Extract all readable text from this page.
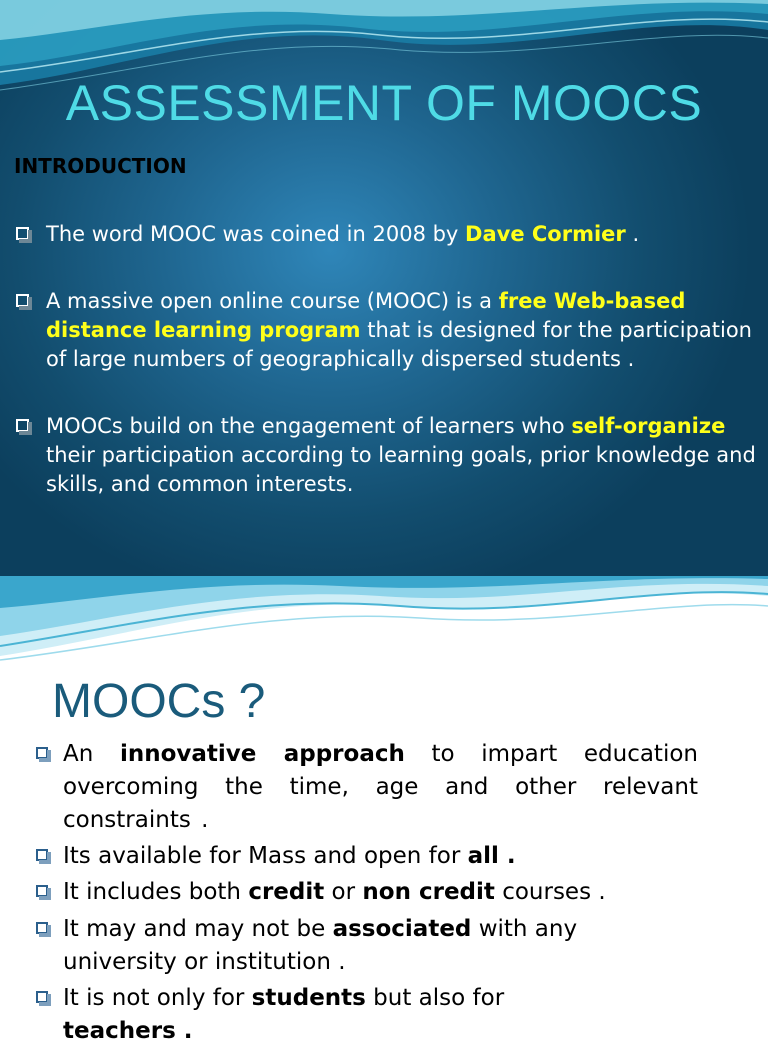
ASSESSMENT OF MOOCS
INTRODUCTION
The word MOOC was coined in 2008 by Dave Cormier .
A massive open online course (MOOC) is a free Web-based distance learning program that is designed for the participation of large numbers of geographically dispersed students .
MOOCs build on the engagement of learners who self-organize their participation according to learning goals, prior knowledge and skills, and common interests.
MOOCs ?
An innovative approach to impart education overcoming the time, age and other relevant constraints .
Its available for Mass and open for all .
It includes both credit or non credit courses .
It may and may not be associated with any university or institution .
It is not only for students but also for
teachers .
